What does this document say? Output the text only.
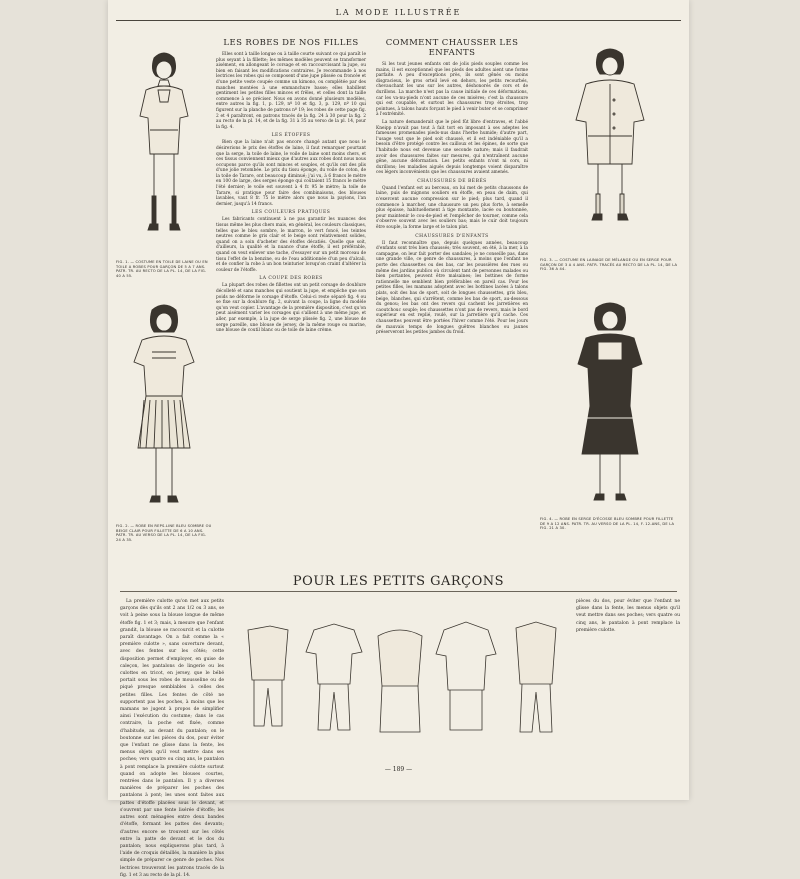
LA MODE ILLUSTRÉE
FIG. 1. — COSTUME EN TOILE DE LAINE OU EN TOILE A ROBES POUR GARÇON DE 5 A 7 ANS. PATR. TR. AU RECTO DE LA PL. 14, DE LA FIG. 40 A 55.
FIG. 2. — ROBE EN REPS-LINE BLEU SOMBRE OU BEIGE CLAIR POUR FILLETTE DE 6 A 10 ANS. PATR. TR. AU VERSO DE LA PL. 14, DE LA FIG. 24 A 35.
LES ROBES DE NOS FILLES

Elles sont à taille longue ou à taille courte suivant ce qui paraît le plus seyant à la fillette; les mêmes modèles peuvent se transformer aisément, en allongeant le corsage et en raccourcissant la jupe, ou bien en faisant les modifications contraires. Je recommande à nos lectrices les robes qui se composent d'une jupe plissée ou froncée et d'une petite veste coupée comme un kimono, ou complétée par des manches montées à une emmanchure basse; elles habillent gentiment les petites filles minces et frêles, et celles dont la taille commence à se préciser. Nous en avons donné plusieurs modèles, entre autres la fig. 1, p. 129, nº 10 et fig. 3, p. 129, nº 10 qui figurent sur la planche de patrons nº 19; les robes de cette page fig. 2 et 4 paraîtront, en patrons tracés de la fig. 24 à 30 pour la fig. 2 au recto de la pl. 14, et de la fig. 31 à 35 au verso de la pl. 14, pour la fig. 4.

LES ÉTOFFES

Bien que la laine n'ait pas encore changé autant que nous le désirerions le prix des étoffes de laine, il faut remarquer pourtant que la serge, la toile de laine, le voile de laine sont moins chers, et ces tissus conviennent mieux que d'autres aux robes dont nous nous occupons parce qu'ils sont minces et souples, et qu'ils ont des plis d'une jolie retombée. Le prix du tissu éponge, du voile de coton, de la toile de Tarare, ont beaucoup diminué; j'ai vu, à 6 francs le mètre en 100 de large, des serges éponge qui coûtaient 15 francs le mètre l'été dernier; le voile est souvent à 4 fr. 95 le mètre; la toile de Tarare, si pratique pour faire des combinaisons, des blouses lavables, vaut 8 fr. 75 le mètre alors que nous la payions, l'an dernier, jusqu'à 14 francs.

LES COULEURS PRATIQUES

Les fabricants continuent à ne pas garantir les nuances des tissus même les plus chers mais, en général, les couleurs classiques, telles que le bleu sombre, le marron, le vert foncé, les teintes neutres comme le gris clair et le beige sont relativement solides, quand on a soin d'acheter des étoffes décatiés. Quelle que soit, d'ailleurs, la qualité et la nuance d'une étoffe, il est préférable, quand on veut enlever une tache, d'essayer sur un petit morceau de tissu l'effet de la benzine, ou de l'eau additionnée d'un peu d'alcali, et de confier la robe à un bon teinturier lorsqu'on craint d'altérer la couleur de l'étoffe.

LA COUPE DES ROBES

La plupart des robes de fillettes ont un petit corsage de doublure décolleté et sans manches qui soutient la jupe, et empêche que son poids ne déforme le corsage d'étoffe. Celui-ci reste séparé fig. 4 ou se fixe sur la doublure fig. 2, suivant la coupe, la ligne du modèle qu'on veut copier. L'avantage de la première disposition, c'est qu'on peut aisément varier les corsages qui s'allient à une même jupe, et aller, par exemple, à la jupe de serge plissée fig. 2, une blouse de serge pareille, une blouse de jersey, de la même rouge ou marine, une blouse de coutil blanc ou de toile de laine crème.

COMMENT CHAUSSER LES ENFANTS

Si les tout jeunes enfants ont de jolis pieds souples comme les mains, il est exceptionnel que les pieds des adultes aient une forme parfaite. A peu d'exceptions près, ils sont gênés ou moins disgracieux, le gros orteil levé en dehors, les petits recourbés, chevauchant les uns sur les autres, déshonorés de cors et de durillons. La marche n'est pas la cause initiale de ces déformations, car les va-nu-pieds n'ont aucune de ces misères; c'est la chaussure qui est coupable, et surtout les chaussures trop étroites, trop pointues, à talons hauts forçant le pied à venir buter et se comprimer à l'extrémité.

La nature demanderait que le pied fût libre d'entraves, et l'abbé Kneipp n'avait pas tout à fait tort en imposant à ses adeptes les fameuses promenades pieds-nus dans l'herbe humide; d'autre part, l'usage veut que le pied soit chaussé, et il est indéniable qu'il a besoin d'être protégé contre les cailloux et les épines, de sorte que l'habitude nous est devenue une seconde nature; mais il faudrait avoir des chaussures faites sur mesures, qui n'entraînent aucune gêne, aucune déformation. Les petits enfants n'ont ni cors, ni durillons; les maladies aiguës depuis longtemps voient disparaître ces légers inconvénients que les chaussures avaient amenés.

CHAUSSURES DE BÉBÉS

Quand l'enfant est au berceau, on lui met de petits chaussons de laine, puis de mignons souliers en étoffe, en peau de daim, qui n'exercent aucune compression sur le pied; plus tard, quand il commence à marcher, une chaussure un peu plus forte, à semelle plus épaisse, habituellement à tige montante, lacée ou boutonnée, pour maintenir le cou-de-pied et l'empêcher de tourner, comme cela s'observe souvent avec les souliers bas; mais le cuir doit toujours être souple, la forme large et le talon plat.

CHAUSSURES D'ENFANTS

Il faut reconnaître que, depuis quelques années, beaucoup d'enfants sont très bien chaussés; très souvent, en été, à la mer, à la campagne, on leur fait porter des sandales; je ne conseille pas, dans une grande ville, ce genre de chaussures, à moins que l'enfant ne porte des chaussettes ou des bas, car les poussières des rues ou même des jardins publics où circulent tant de personnes malades ou bien portantes, peuvent être malsaines; les bottines de forme rationnelle me semblent bien préférables en pareil cas. Pour les petites filles, les mamans adoptent avec les bottines lacées à talons plats, soit des bas de sport, soit de longues chaussettes, gris bleu, beige, blanches, qui s'arrêtent, comme les bas de sport, au-dessous du genou; les bas ont des revers qui cachent les jarretières en caoutchouc souple; les chaussettes n'ont pas de revers, mais le bord supérieur en est replié, roulé, sur la jarretière qu'il cache. Ces chaussettes peuvent être portées l'hiver comme l'été. Pour les jours de mauvais temps de longues guêtres blanches ou jaunes préserveront les petites jambes du froid.

FIG. 3. — COSTUME EN LAINAGE DE MÉLANGE OU EN SERGE POUR GARÇON DE 3 A 4 ANS. PATR. TRACÉS AU RECTO DE LA PL. 14, DE LA FIG. 36 A 44.
FIG. 4. — ROBE EN SERGE D'ÉCOSSE BLEU SOMBRE POUR FILLETTE DE 9 A 12 ANS. PATR. TR. AU VERSO DE LA PL. 14, F. 12-ANS, DE LA FIG. 21 A 30.
POUR LES PETITS GARÇONS

La première culotte qu'on met aux petits garçons dès qu'ils ont 2 ans 1/2 ou 3 ans, se voit à peine sous la blouse longue de même étoffe fig. 1 et 3; mais, à mesure que l'enfant grandit, la blouse se raccourcit et la culotte paraît davantage. On a fait comme la « première culotte », sans ouverture devant, avec des fentes sur les côtés; cette disposition permet d'employer, en guise de caleçon, les pantalons de lingerie ou les culottes en tricot, en jersey, que le bébé portait sous les robes de mousseline ou de piqué presque semblables à celles des petites filles. Les fentes de côté ne supportent pas les poches, à moins que les mamans ne jugent à propos de simplifier ainsi l'exécution du costume; dans le cas contraire, la poche est fixée, comme d'habitude, au devant du pantalon; on le boutonne sur les pièces du dos, pour éviter que l'enfant ne glisse dans la fente, les menus objets qu'il veut mettre dans ses poches; vers quatre ou cinq ans, le pantalon à pont remplace la première culotte surtout quand on adopte les blouses courtes, rentrées dans le pantalon. Il y a diverses manières de préparer les poches des pantalons à pont; les unes sont faites aux pattes d'étoffe placées sous le devant, et s'ouvrent par une fente lisérée d'étoffe; les autres sont ménagées entre deux bandes d'étoffe, formant les pattes des devants; d'autres encore se trouvent sur les côtés entre la patte de devant et le dos du pantalon; nous expliquerons plus tard, à l'aide de croquis détaillés, la manière la plus simple de préparer ce genre de poches. Nos lectrices trouveront les patrons tracés de la fig. 1 et 3 au recto de la pl. 14.

pièces du dos, pour éviter que l'enfant ne glisse dans la fente, les menus objets qu'il veut mettre dans ses poches; vers quatre ou cinq ans, le pantalon à pont remplace la première culotte.

— 189 —
